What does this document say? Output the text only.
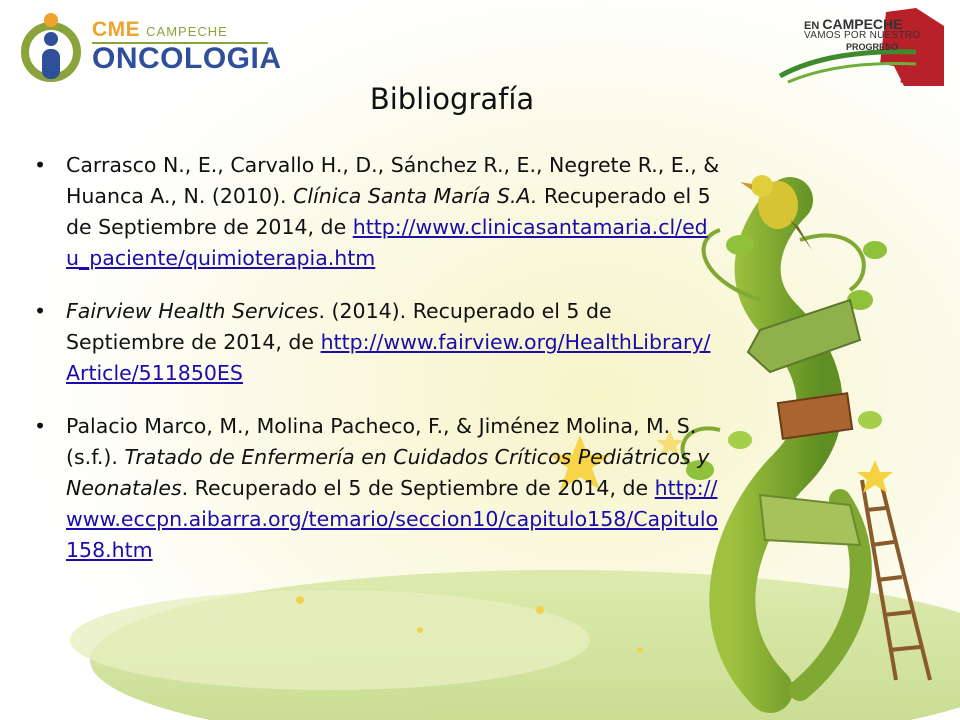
CME CAMPECHE
ONCOLOGIA
EN CAMPECHE
VAMOS POR NUESTRO
PROGRESO
SALUD
Bibliografía
• Carrasco N., E., Carvallo H., D., Sánchez R., E., Negrete R., E., & Huanca A., N. (2010). Clínica Santa María S.A. Recuperado el 5 de Septiembre de 2014, de http://www.clinicasantamaria.cl/edu_paciente/quimioterapia.htm
• Fairview Health Services. (2014). Recuperado el 5 de Septiembre de 2014, de http://www.fairview.org/HealthLibrary/Article/511850ES
• Palacio Marco, M., Molina Pacheco, F., & Jiménez Molina, M. S. (s.f.). Tratado de Enfermería en Cuidados Críticos Pediátricos y Neonatales. Recuperado el 5 de Septiembre de 2014, de http://www.eccpn.aibarra.org/temario/seccion10/capitulo158/Capitulo158.htm
